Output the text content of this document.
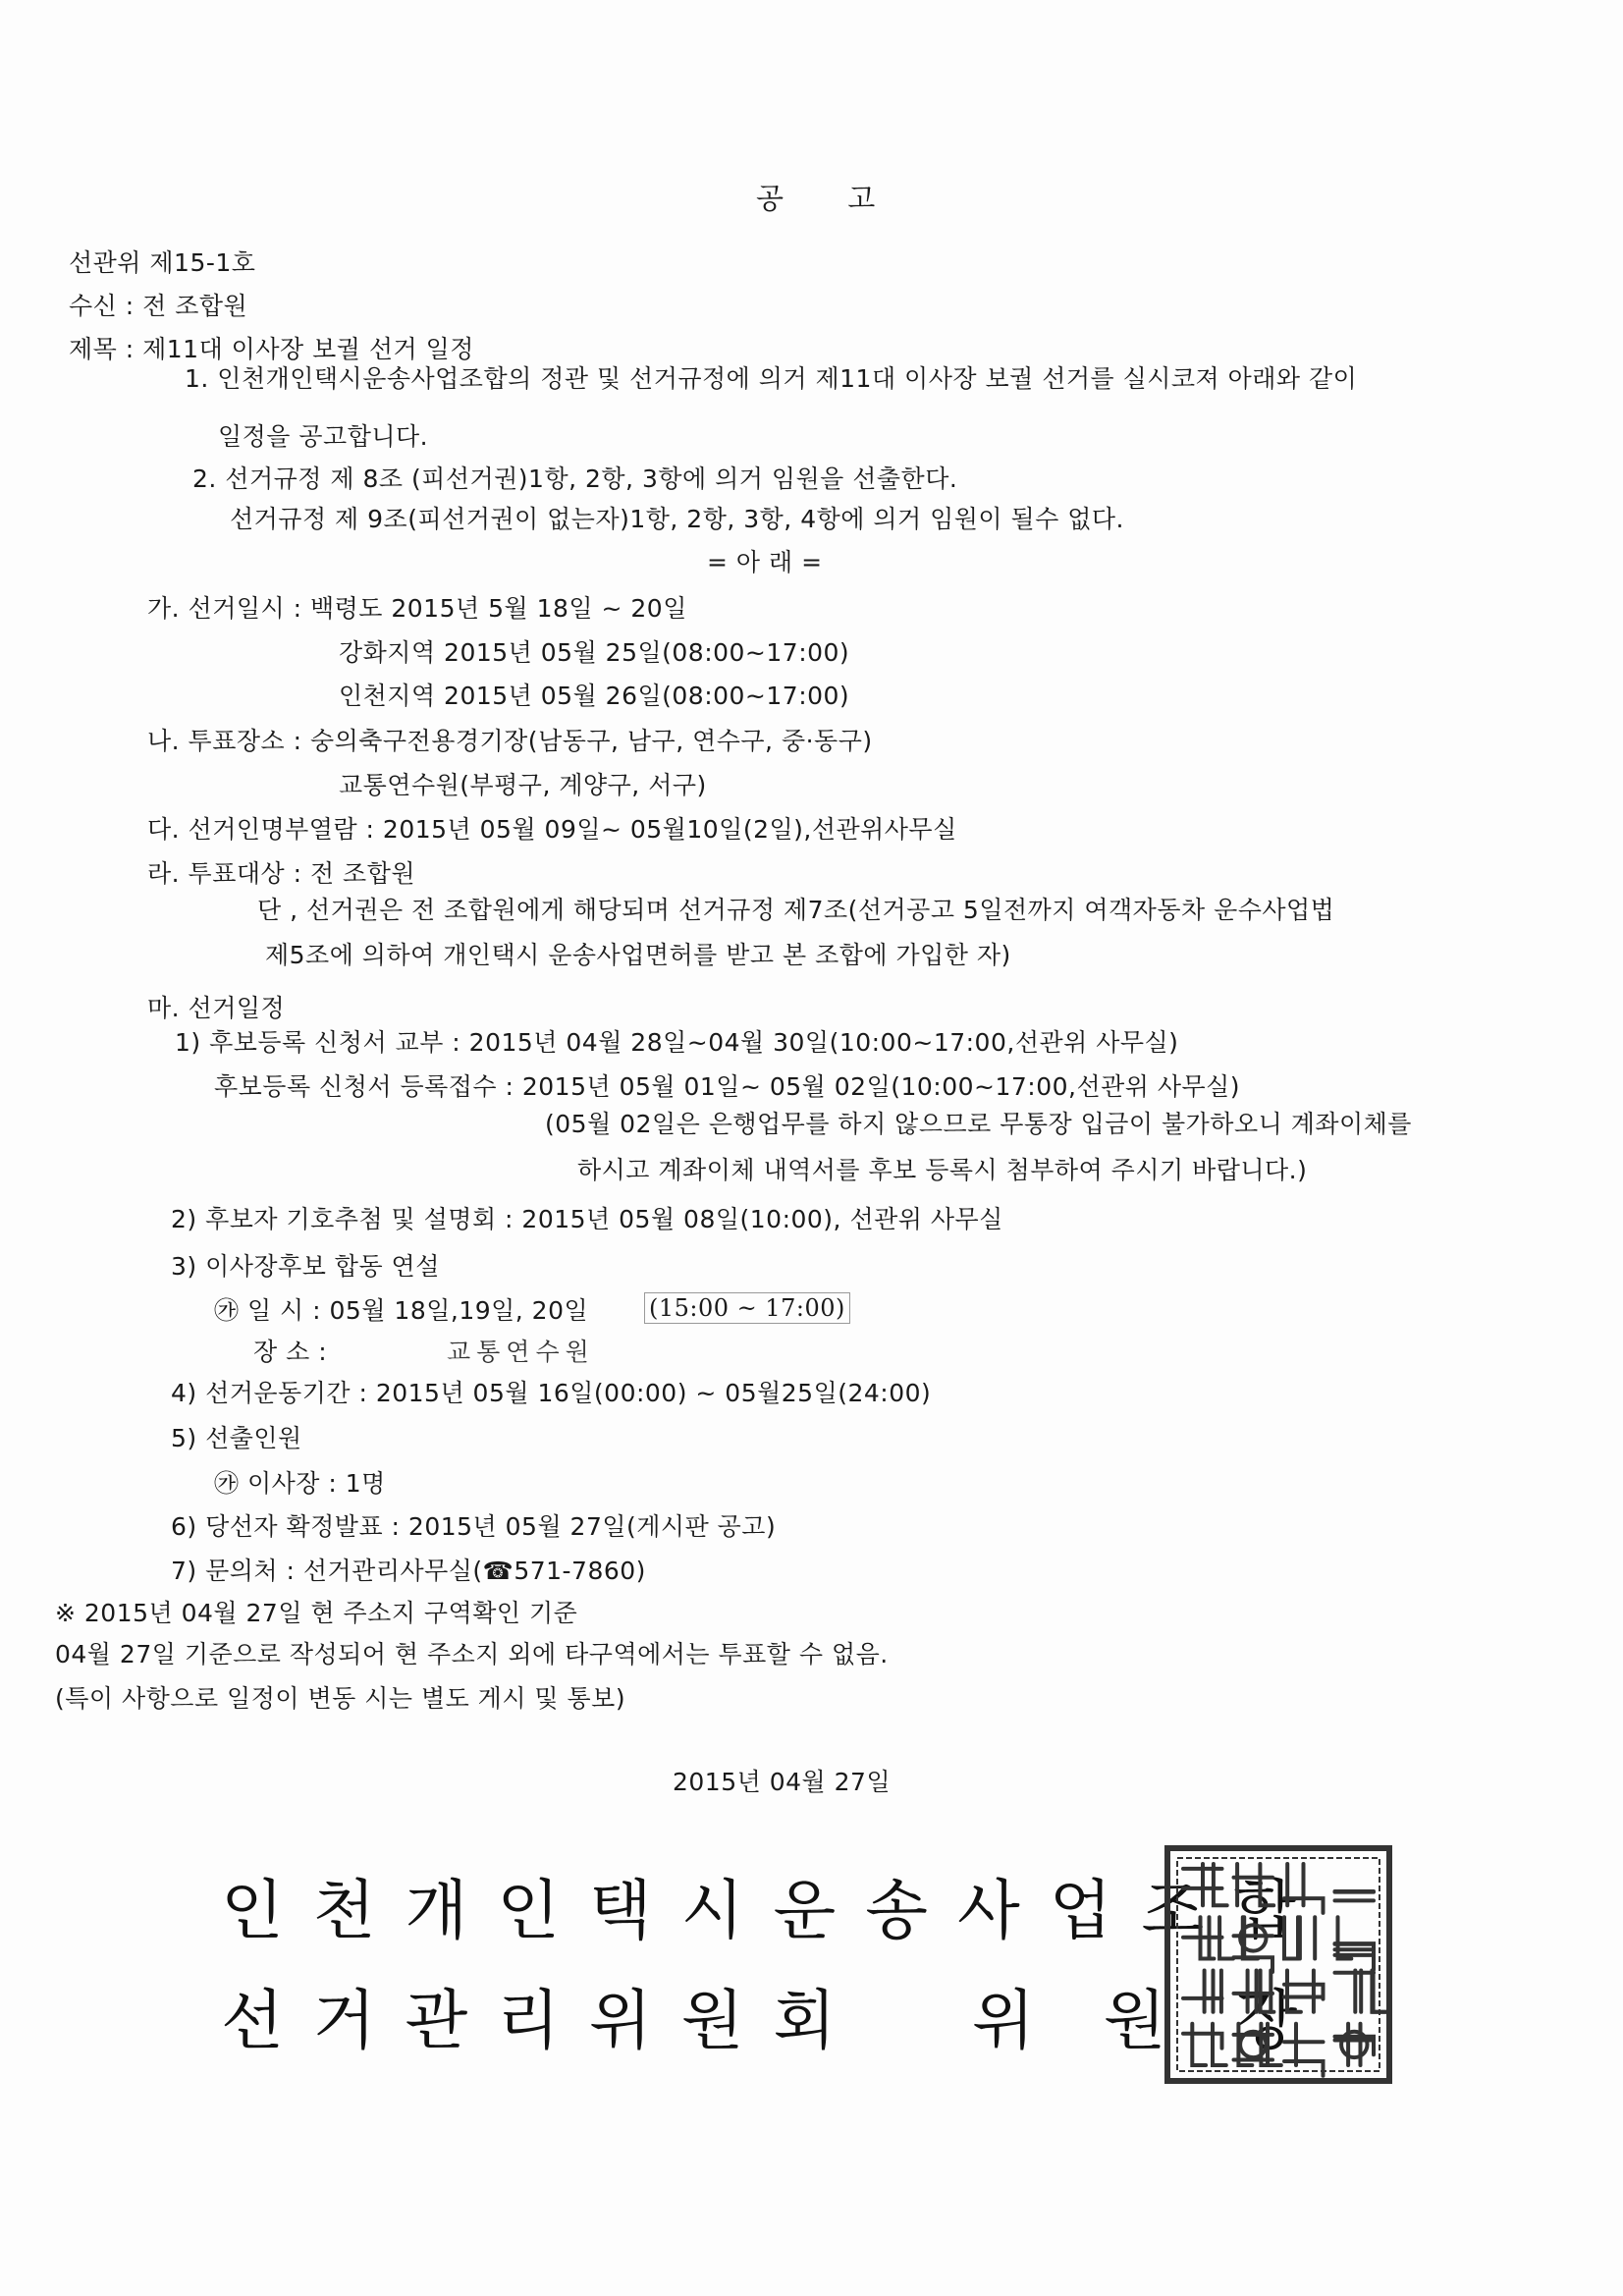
공 고
선관위 제15-1호
수신 : 전 조합원
제목 : 제11대 이사장 보궐 선거 일정
1. 인천개인택시운송사업조합의 정관 및 선거규정에 의거 제11대 이사장 보궐 선거를 실시코져 아래와 같이
일정을 공고합니다.
2. 선거규정 제 8조 (피선거권)1항, 2항, 3항에 의거 임원을 선출한다.
선거규정 제 9조(피선거권이 없는자)1항, 2항, 3항, 4항에 의거 임원이 될수 없다.
= 아 래 =
가. 선거일시 : 백령도 2015년 5월 18일 ~ 20일
강화지역 2015년 05월 25일(08:00~17:00)
인천지역 2015년 05월 26일(08:00~17:00)
나. 투표장소 : 숭의축구전용경기장(남동구, 남구, 연수구, 중·동구)
교통연수원(부평구, 계양구, 서구)
다. 선거인명부열람 : 2015년 05월 09일~ 05월10일(2일),선관위사무실
라. 투표대상 : 전 조합원
단 , 선거권은 전 조합원에게 해당되며 선거규정 제7조(선거공고 5일전까지 여객자동차 운수사업법
제5조에 의하여 개인택시 운송사업면허를 받고 본 조합에 가입한 자)
마. 선거일정
1) 후보등록 신청서 교부 : 2015년 04월 28일~04월 30일(10:00~17:00,선관위 사무실)
후보등록 신청서 등록접수 : 2015년 05월 01일~ 05월 02일(10:00~17:00,선관위 사무실)
(05월 02일은 은행업무를 하지 않으므로 무통장 입금이 불가하오니 계좌이체를
하시고 계좌이체 내역서를 후보 등록시 첨부하여 주시기 바랍니다.)
2) 후보자 기호추첨 및 설명회 : 2015년 05월 08일(10:00), 선관위 사무실
3) 이사장후보 합동 연설
㉮ 일 시 : 05월 18일,19일, 20일	(15:00 ~ 17:00)
장 소 :	교통연수원
4) 선거운동기간 : 2015년 05월 16일(00:00) ~ 05월25일(24:00)
5) 선출인원
㉮ 이사장 : 1명
6) 당선자 확정발표 : 2015년 05월 27일(게시판 공고)
7) 문의처 : 선거관리사무실(☎571-7860)
※ 2015년 04월 27일 현 주소지 구역확인 기준
04월 27일 기준으로 작성되어 현 주소지 외에 타구역에서는 투표할 수 없음.
(특이 사항으로 일정이 변동 시는 별도 게시 및 통보)
2015년 04월 27일
인천개인택시운송사업조합
선거관리위원회 위원장
